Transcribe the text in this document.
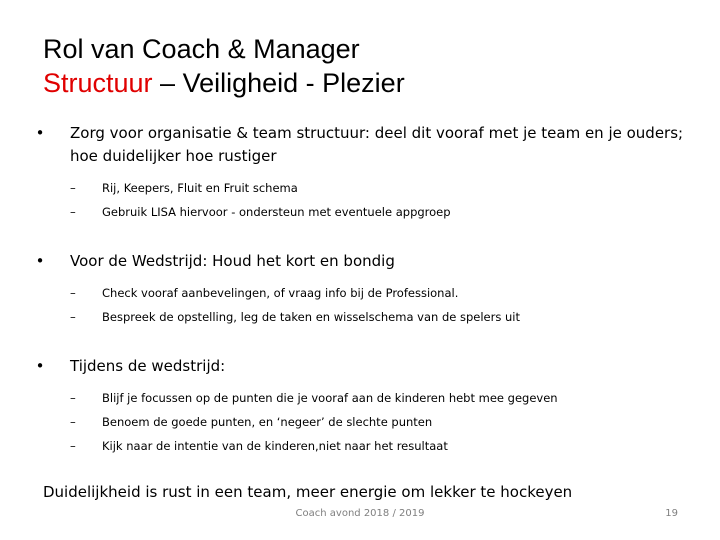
Rol van Coach & Manager
Structuur – Veiligheid - Plezier

•	Zorg voor organisatie & team structuur: deel dit vooraf met je team en je ouders; hoe duidelijker hoe rustiger

– Rij, Keepers, Fluit en Fruit schema
– Gebruik LISA hiervoor - ondersteun met eventuele appgroep

•	Voor de Wedstrijd: Houd het kort en bondig

– Check vooraf aanbevelingen, of vraag info bij de Professional.
– Bespreek de opstelling, leg de taken en wisselschema van de spelers uit

•	Tijdens de wedstrijd:

– Blijf je focussen op de punten die je vooraf aan de kinderen hebt mee gegeven
– Benoem de goede punten, en ‘negeer’ de slechte punten
– Kijk naar de intentie van de kinderen,niet naar het resultaat
Duidelijkheid is rust in een team, meer energie om lekker te hockeyen
Coach avond 2018 / 2019	19
